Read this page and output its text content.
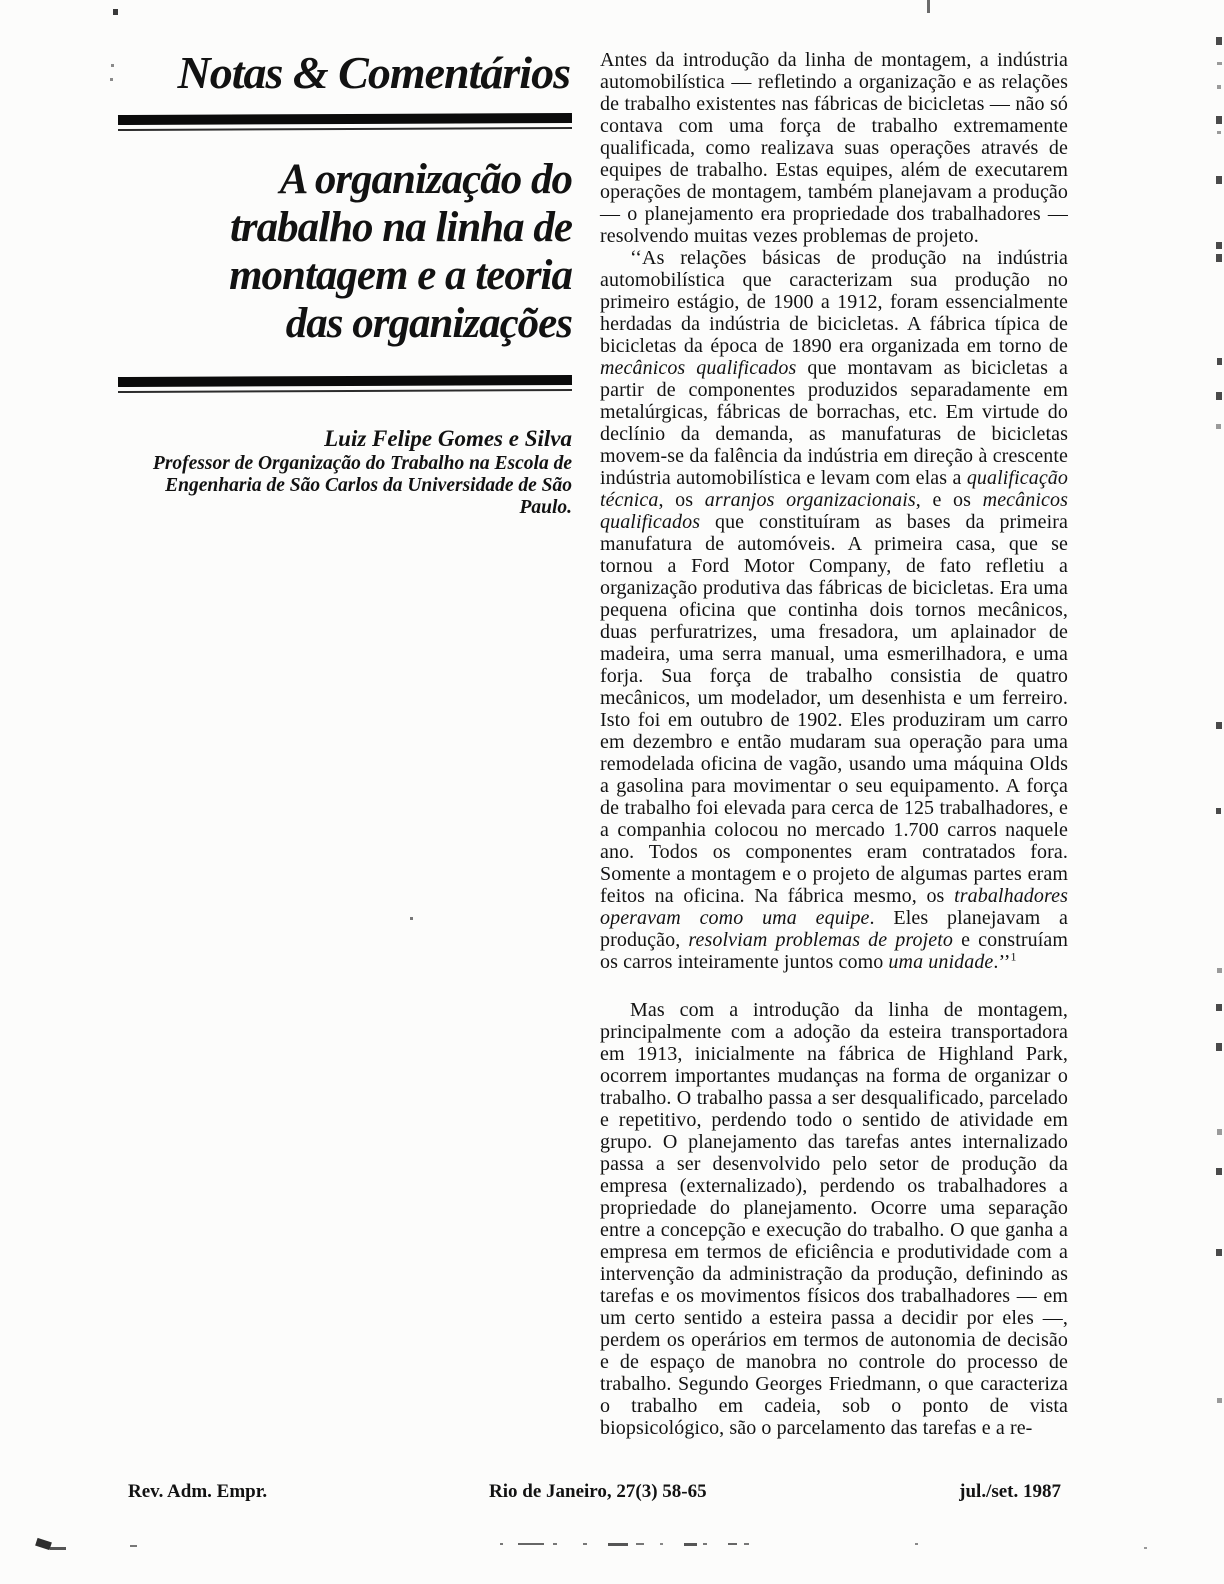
Notas & Comentários
A organização do
trabalho na linha de
montagem e a teoria
das organizações
Luiz Felipe Gomes e Silva
Professor de Organização do Trabalho na Escola de
Engenharia de São Carlos da Universidade de São Paulo.

Antes da introdução da linha de montagem, a indústria automobilística — refletindo a organização e as relações de trabalho existentes nas fábricas de bicicletas — não só contava com uma força de trabalho extremamente qualificada, como realizava suas operações através de equipes de trabalho. Estas equipes, além de executarem operações de montagem, também planejavam a produção — o planejamento era propriedade dos trabalhadores — resolvendo muitas vezes problemas de projeto.

‘‘As relações básicas de produção na indústria automobilística que caracterizam sua produção no primeiro estágio, de 1900 a 1912, foram essencialmente herdadas da indústria de bicicletas. A fábrica típica de bicicletas da época de 1890 era organizada em torno de mecânicos qualificados que montavam as bicicletas a partir de componentes produzidos separadamente em metalúrgicas, fábricas de borrachas, etc. Em virtude do declínio da demanda, as manufaturas de bicicletas movem-se da falência da indústria em direção à crescente indústria automobilística e levam com elas a qualificação técnica, os arranjos organizacionais, e os mecânicos qualificados que constituíram as bases da primeira manufatura de automóveis. A primeira casa, que se tornou a Ford Motor Company, de fato refletiu a organização produtiva das fábricas de bicicletas. Era uma pequena oficina que continha dois tornos mecânicos, duas perfuratrizes, uma fresadora, um aplainador de madeira, uma serra manual, uma esmerilhadora, e uma forja. Sua força de trabalho consistia de quatro mecânicos, um modelador, um desenhista e um ferreiro. Isto foi em outubro de 1902. Eles produziram um carro em dezembro e então mudaram sua operação para uma remodelada oficina de vagão, usando uma máquina Olds a gasolina para movimentar o seu equipamento. A força de trabalho foi elevada para cerca de 125 trabalhadores, e a companhia colocou no mercado 1.700 carros naquele ano. Todos os componentes eram contratados fora. Somente a montagem e o projeto de algumas partes eram feitos na oficina. Na fábrica mesmo, os trabalhadores operavam como uma equipe. Eles planejavam a produção, resolviam problemas de projeto e construíam os carros inteiramente juntos como uma unidade.’’$^1$

Mas com a introdução da linha de montagem, principalmente com a adoção da esteira transportadora em 1913, inicialmente na fábrica de Highland Park, ocorrem importantes mudanças na forma de organizar o trabalho. O trabalho passa a ser desqualificado, parcelado e repetitivo, perdendo todo o sentido de atividade em grupo. O planejamento das tarefas antes internalizado passa a ser desenvolvido pelo setor de produção da empresa (externalizado), perdendo os trabalhadores a propriedade do planejamento. Ocorre uma separação entre a concepção e execução do trabalho. O que ganha a empresa em termos de eficiência e produtividade com a intervenção da administração da produção, definindo as tarefas e os movimentos físicos dos trabalhadores — em um certo sentido a esteira passa a decidir por eles —, perdem os operários em termos de autonomia de decisão e de espaço de manobra no controle do processo de trabalho. Segundo Georges Friedmann, o que caracteriza o trabalho em cadeia, sob o ponto de vista biopsicológico, são o parcelamento das tarefas e a re-

Rev. Adm. Empr.	Rio de Janeiro, 27(3) 58-65	jul./set. 1987
